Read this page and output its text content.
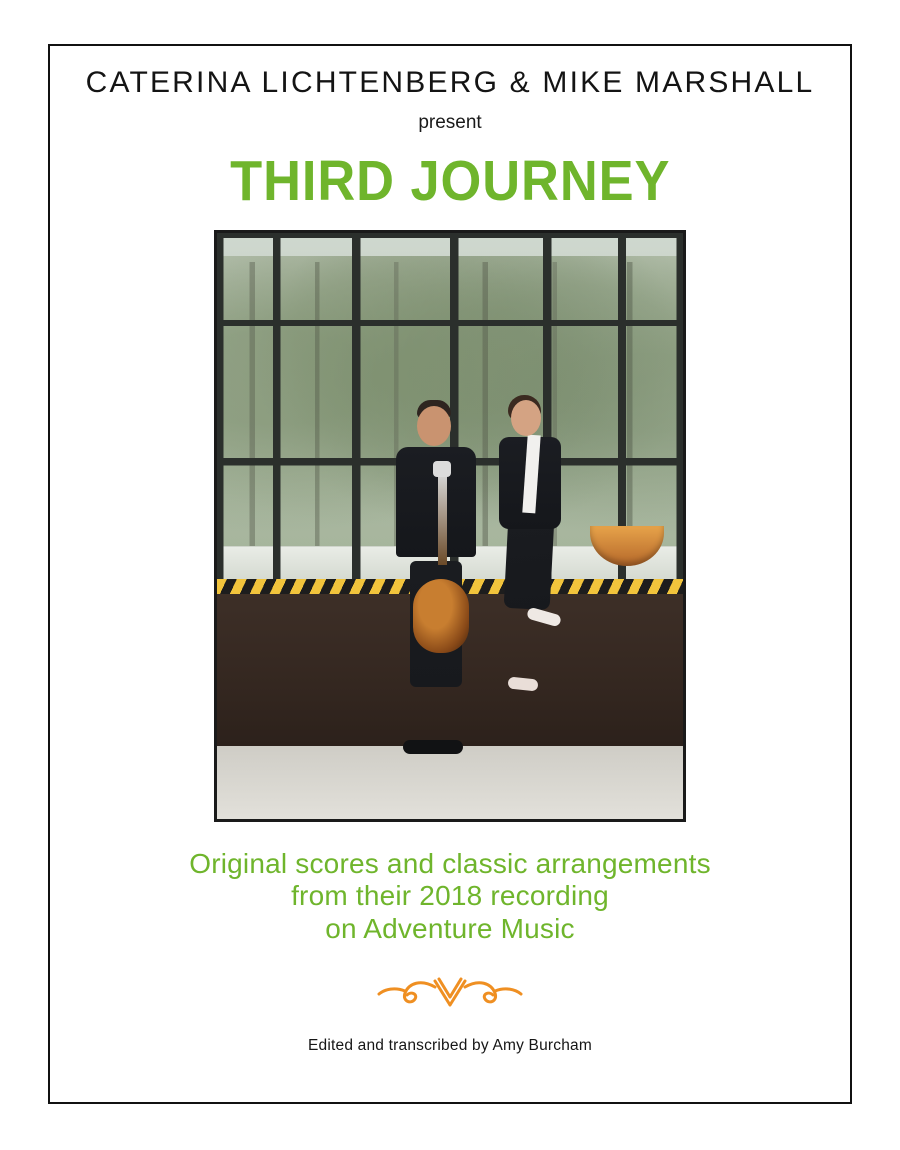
CATERINA LICHTENBERG & MIKE MARSHALL
present
THIRD JOURNEY
Original scores and classic arrangements
from their 2018 recording
on Adventure Music
Edited and transcribed by Amy Burcham
